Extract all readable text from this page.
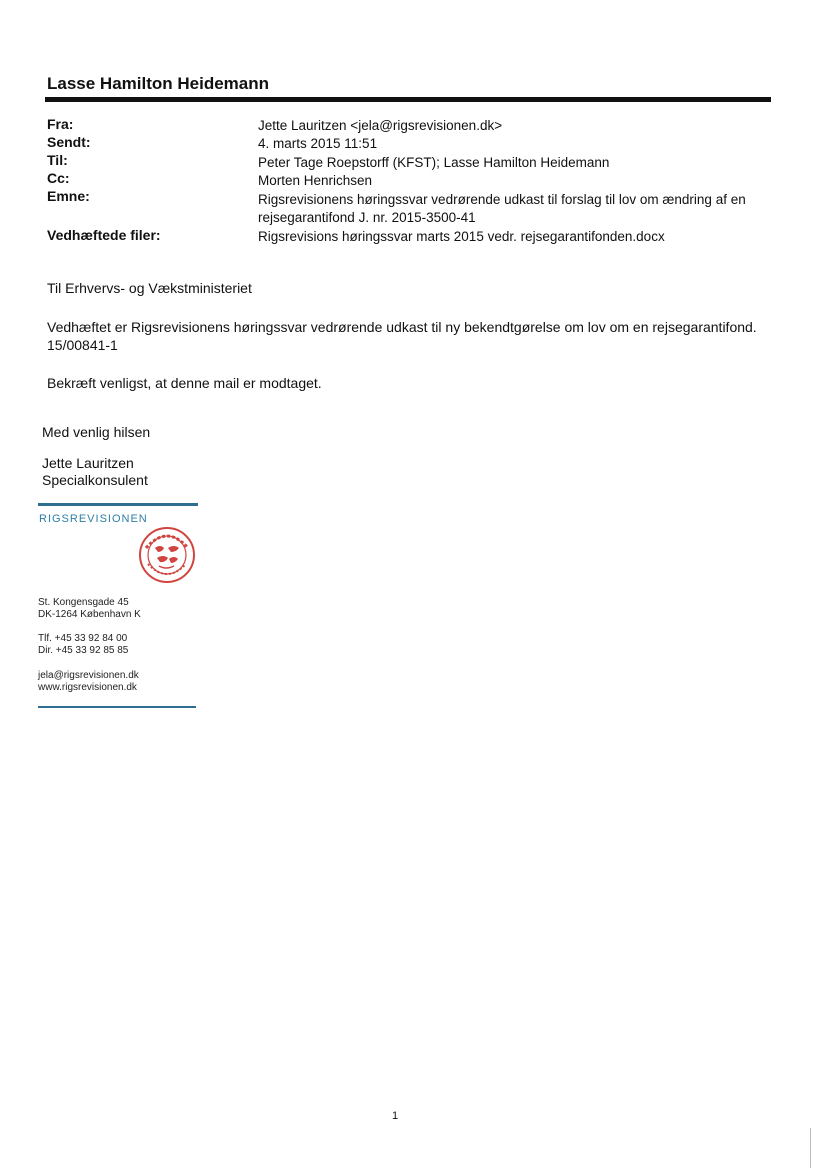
Lasse Hamilton Heidemann
Fra:	Jette Lauritzen <jela@rigsrevisionen.dk>
Sendt:	4. marts 2015 11:51
Til:	Peter Tage Roepstorff (KFST); Lasse Hamilton Heidemann
Cc:	Morten Henrichsen
Emne:	Rigsrevisionens høringssvar vedrørende udkast til forslag til lov om ændring af en
rejsegarantifond J. nr. 2015-3500-41
Vedhæftede filer:	Rigsrevisions høringssvar marts 2015 vedr. rejsegarantifonden.docx
Til Erhvervs- og Vækstministeriet
Vedhæftet er Rigsrevisionens høringssvar vedrørende udkast til ny bekendtgørelse om lov om en rejsegarantifond.
15/00841-1
Bekræft venligst, at denne mail er modtaget.
Med venlig hilsen
Jette Lauritzen
Specialkonsulent
RIGSREVISIONEN
St. Kongensgade 45
DK-1264 København K
Tlf. +45 33 92 84 00
Dir. +45 33 92 85 85
jela@rigsrevisionen.dk
www.rigsrevisionen.dk
1
